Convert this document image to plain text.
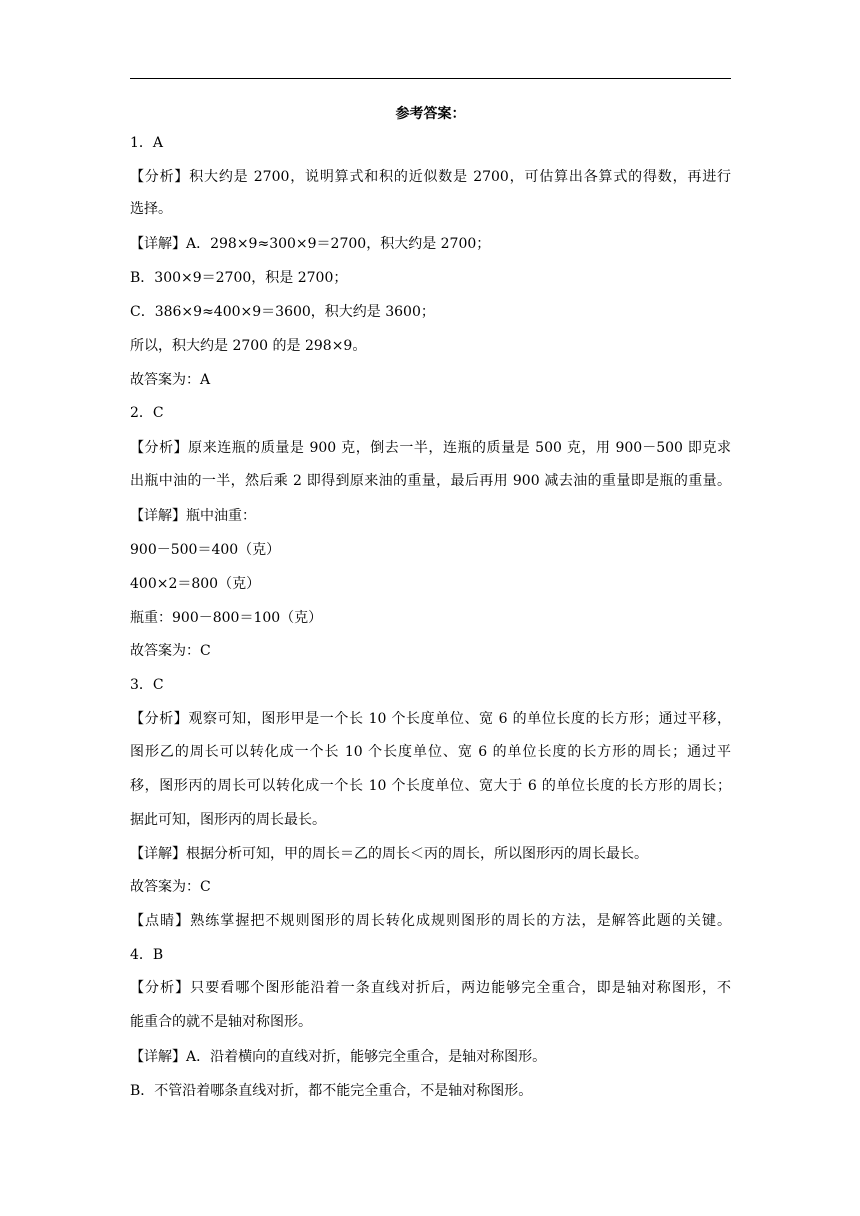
参考答案：
1．A
【分析】积大约是 2700，说明算式和积的近似数是 2700，可估算出各算式的得数，再进行
选择。
【详解】A．298×9≈300×9＝2700，积大约是 2700；
B．300×9＝2700，积是 2700；
C．386×9≈400×9＝3600，积大约是 3600；
所以，积大约是 2700 的是 298×9。
故答案为：A
2．C
【分析】原来连瓶的质量是 900 克，倒去一半，连瓶的质量是 500 克，用 900－500 即克求
出瓶中油的一半，然后乘 2 即得到原来油的重量，最后再用 900 减去油的重量即是瓶的重量。
【详解】瓶中油重：
900－500＝400（克）
400×2＝800（克）
瓶重：900－800＝100（克）
故答案为：C
3．C
【分析】观察可知，图形甲是一个长 10 个长度单位、宽 6 的单位长度的长方形；通过平移，
图形乙的周长可以转化成一个长 10 个长度单位、宽 6 的单位长度的长方形的周长；通过平
移，图形丙的周长可以转化成一个长 10 个长度单位、宽大于 6 的单位长度的长方形的周长；
据此可知，图形丙的周长最长。
【详解】根据分析可知，甲的周长＝乙的周长＜丙的周长，所以图形丙的周长最长。
故答案为：C
【点睛】熟练掌握把不规则图形的周长转化成规则图形的周长的方法，是解答此题的关键。
4．B
【分析】只要看哪个图形能沿着一条直线对折后，两边能够完全重合，即是轴对称图形，不
能重合的就不是轴对称图形。
【详解】A．沿着横向的直线对折，能够完全重合，是轴对称图形。
B．不管沿着哪条直线对折，都不能完全重合，不是轴对称图形。
